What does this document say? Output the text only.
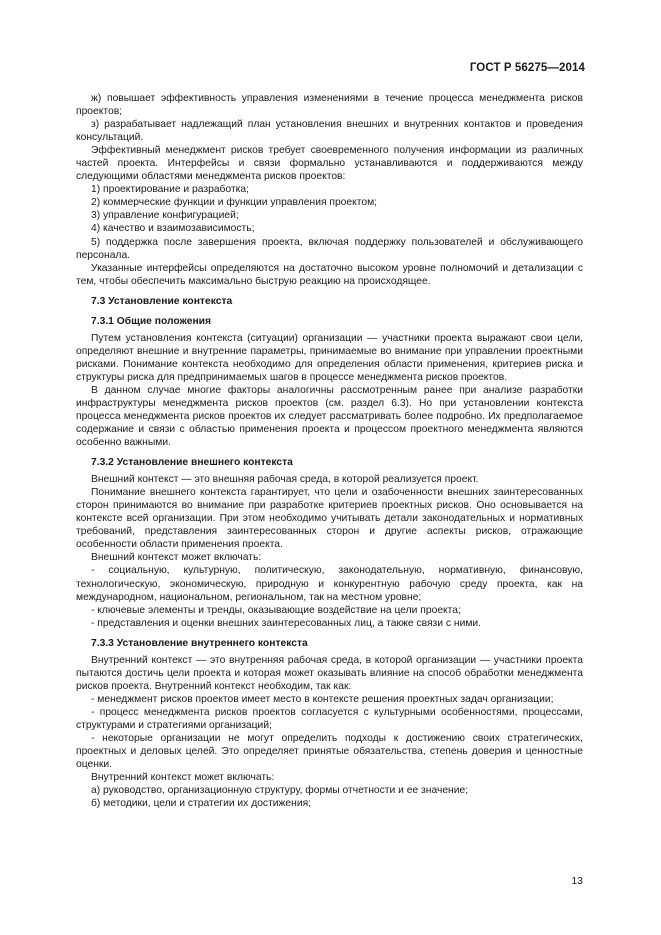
ГОСТ Р 56275—2014

ж) повышает эффективность управления изменениями в течение процесса менеджмента рисков проектов;

з) разрабатывает надлежащий план установления внешних и внутренних контактов и проведения консультаций.

Эффективный менеджмент рисков требует своевременного получения информации из различных частей проекта. Интерфейсы и связи формально устанавливаются и поддерживаются между следующими областями менеджмента рисков проектов:

1) проектирование и разработка;

2) коммерческие функции и функции управления проектом;

3) управление конфигурацией;

4) качество и взаимозависимость;

5) поддержка после завершения проекта, включая поддержку пользователей и обслуживающего персонала.

Указанные интерфейсы определяются на достаточно высоком уровне полномочий и детализации с тем, чтобы обеспечить максимально быструю реакцию на происходящее.

7.3 Установление контекста
7.3.1 Общие положения

Путем установления контекста (ситуации) организации — участники проекта выражают свои цели, определяют внешние и внутренние параметры, принимаемые во внимание при управлении проектными рисками. Понимание контекста необходимо для определения области применения, критериев риска и структуры риска для предпринимаемых шагов в процессе менеджмента рисков проектов.

В данном случае многие факторы аналогичны рассмотренным ранее при анализе разработки инфраструктуры менеджмента рисков проектов (см. раздел 6.3). Но при установлении контекста процесса менеджмента рисков проектов их следует рассматривать более подробно. Их предполагаемое содержание и связи с областью применения проекта и процессом проектного менеджмента являются особенно важными.

7.3.2 Установление внешнего контекста

Внешний контекст — это внешняя рабочая среда, в которой реализуется проект.

Понимание внешнего контекста гарантирует, что цели и озабоченности внешних заинтересованных сторон принимаются во внимание при разработке критериев проектных рисков. Оно основывается на контексте всей организации. При этом необходимо учитывать детали законодательных и нормативных требований, представления заинтересованных сторон и другие аспекты рисков, отражающие особенности области применения проекта.

Внешний контекст может включать:

- социальную, культурную, политическую, законодательную, нормативную, финансовую, технологическую, экономическую, природную и конкурентную рабочую среду проекта, как на международном, национальном, региональном, так на местном уровне;

- ключевые элементы и тренды, оказывающие воздействие на цели проекта;

- представления и оценки внешних заинтересованных лиц, а также связи с ними.

7.3.3 Установление внутреннего контекста

Внутренний контекст — это внутренняя рабочая среда, в которой организации — участники проекта пытаются достичь цели проекта и которая может оказывать влияние на способ обработки менеджмента рисков проекта. Внутренний контекст необходим, так как:

- менеджмент рисков проектов имеет место в контексте решения проектных задач организации;

- процесс менеджмента рисков проектов согласуется с культурными особенностями, процессами, структурами и стратегиями организаций;

- некоторые организации не могут определить подходы к достижению своих стратегических, проектных и деловых целей. Это определяет принятые обязательства, степень доверия и ценностные оценки.

Внутренний контекст может включать:

а) руководство, организационную структуру, формы отчетности и ее значение;

б) методики, цели и стратегии их достижения;

13
